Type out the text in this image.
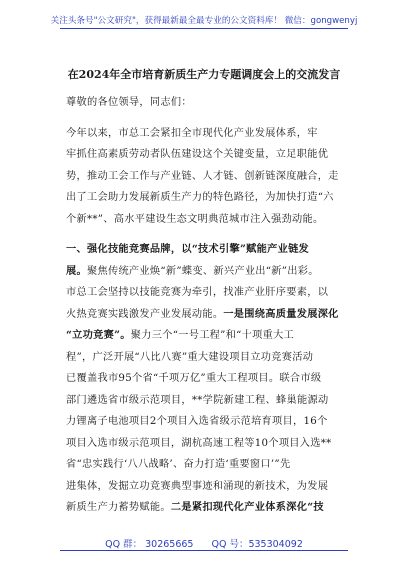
关注头条号"公文研究"，获得最新最全最专业的公文资料库！ 微信：gongwenyj
在2024年全市培育新质生产力专题调度会上的交流发言
尊敬的各位领导，同志们：
今年以来，市总工会紧扣全市现代化产业发展体系，牢
牢抓住高素质劳动者队伍建设这个关键变量，立足职能优
势，推动工会工作与产业链、人才链、创新链深度融合，走
出了工会助力发展新质生产力的特色路径，为加快打造“六
个新**”、高水平建设生态文明典范城市注入强劲动能。
一、强化技能竞赛品牌，以“技术引擎”赋能产业链发
展。聚焦传统产业焕“新”蝶变、新兴产业出“新”出彩。
市总工会坚持以技能竞赛为牵引，找准产业肝序要素，以
火热竞赛实践激发产业发展动能。一是围绕高质量发展深化
“立功竞赛”。聚力三个“一号工程”和“十项重大工
程”，广泛开展“八比八赛”重大建设项目立功竞赛活动
已覆盖我市95个省“千项万亿”重大工程项目。联合市级
部门遴选省市级示范项目，**学院新建工程、蜂巢能源动
力锂离子电池项目2个项目入选省级示范培育项目，16个
项目入选市级示范项目，湖杭高速工程等10个项目入选**
省“忠实践行‘八八战略’、奋力打造‘重要窗口’”先
进集体，发掘立功竞赛典型事迹和涌现的新技术，为发展
新质生产力蓄势赋能。二是紧扣现代化产业体系深化“技
QQ 群： 30265665 QQ 号：535304092
